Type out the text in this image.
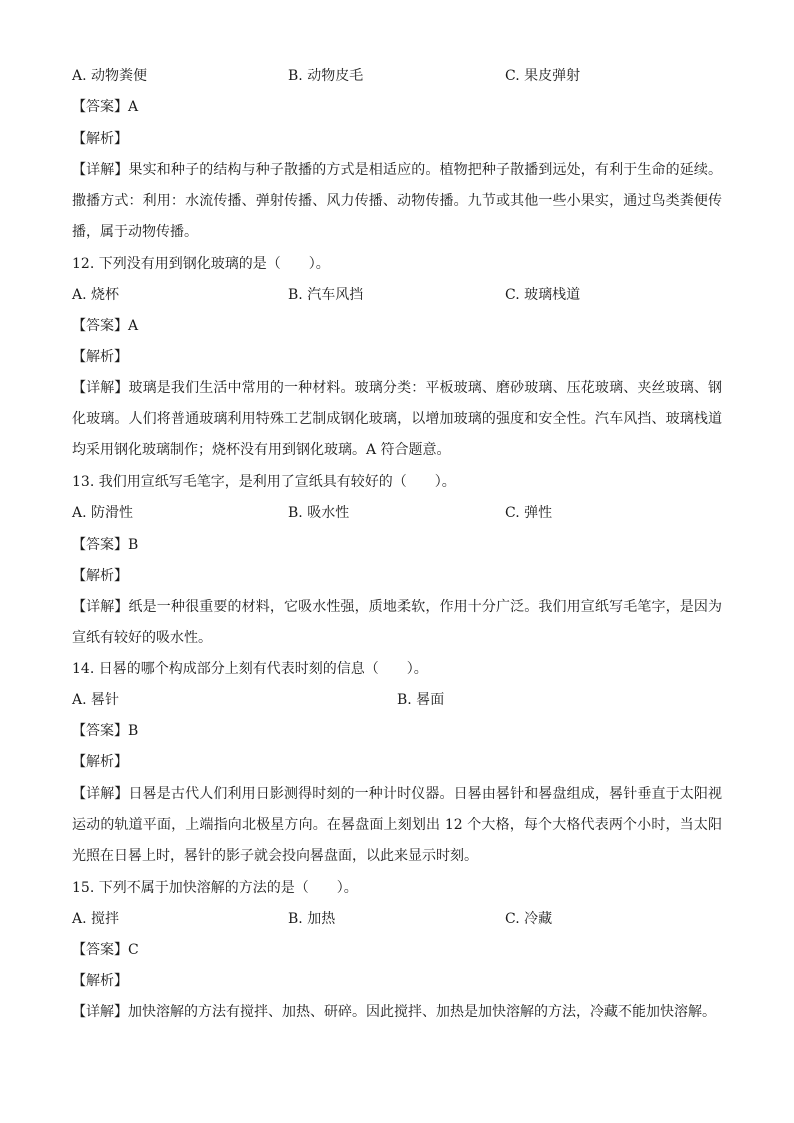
A. 动物粪便	B. 动物皮毛	C. 果皮弹射
【答案】A
【解析】
【详解】果实和种子的结构与种子散播的方式是相适应的。植物把种子散播到远处，有利于生命的延续。撒播方式：利用：水流传播、弹射传播、风力传播、动物传播。九节或其他一些小果实，通过鸟类粪便传播，属于动物传播。
12. 下列没有用到钢化玻璃的是（　　）。
A. 烧杯	B. 汽车风挡	C. 玻璃栈道
【答案】A
【解析】
【详解】玻璃是我们生活中常用的一种材料。玻璃分类：平板玻璃、磨砂玻璃、压花玻璃、夹丝玻璃、钢化玻璃。人们将普通玻璃利用特殊工艺制成钢化玻璃，以增加玻璃的强度和安全性。汽车风挡、玻璃栈道均采用钢化玻璃制作；烧杯没有用到钢化玻璃。A 符合题意。
13. 我们用宣纸写毛笔字，是利用了宣纸具有较好的（　　）。
A. 防滑性	B. 吸水性	C. 弹性
【答案】B
【解析】
【详解】纸是一种很重要的材料，它吸水性强，质地柔软，作用十分广泛。我们用宣纸写毛笔字，是因为宣纸有较好的吸水性。
14. 日晷的哪个构成部分上刻有代表时刻的信息（　　）。
A. 晷针	B. 晷面
【答案】B
【解析】
【详解】日晷是古代人们利用日影测得时刻的一种计时仪器。日晷由晷针和晷盘组成，晷针垂直于太阳视运动的轨道平面，上端指向北极星方向。在晷盘面上刻划出 12 个大格，每个大格代表两个小时，当太阳光照在日晷上时，晷针的影子就会投向晷盘面，以此来显示时刻。
15. 下列不属于加快溶解的方法的是（　　）。
A. 搅拌	B. 加热	C. 冷藏
【答案】C
【解析】
【详解】加快溶解的方法有搅拌、加热、研碎。因此搅拌、加热是加快溶解的方法，冷藏不能加快溶解。
